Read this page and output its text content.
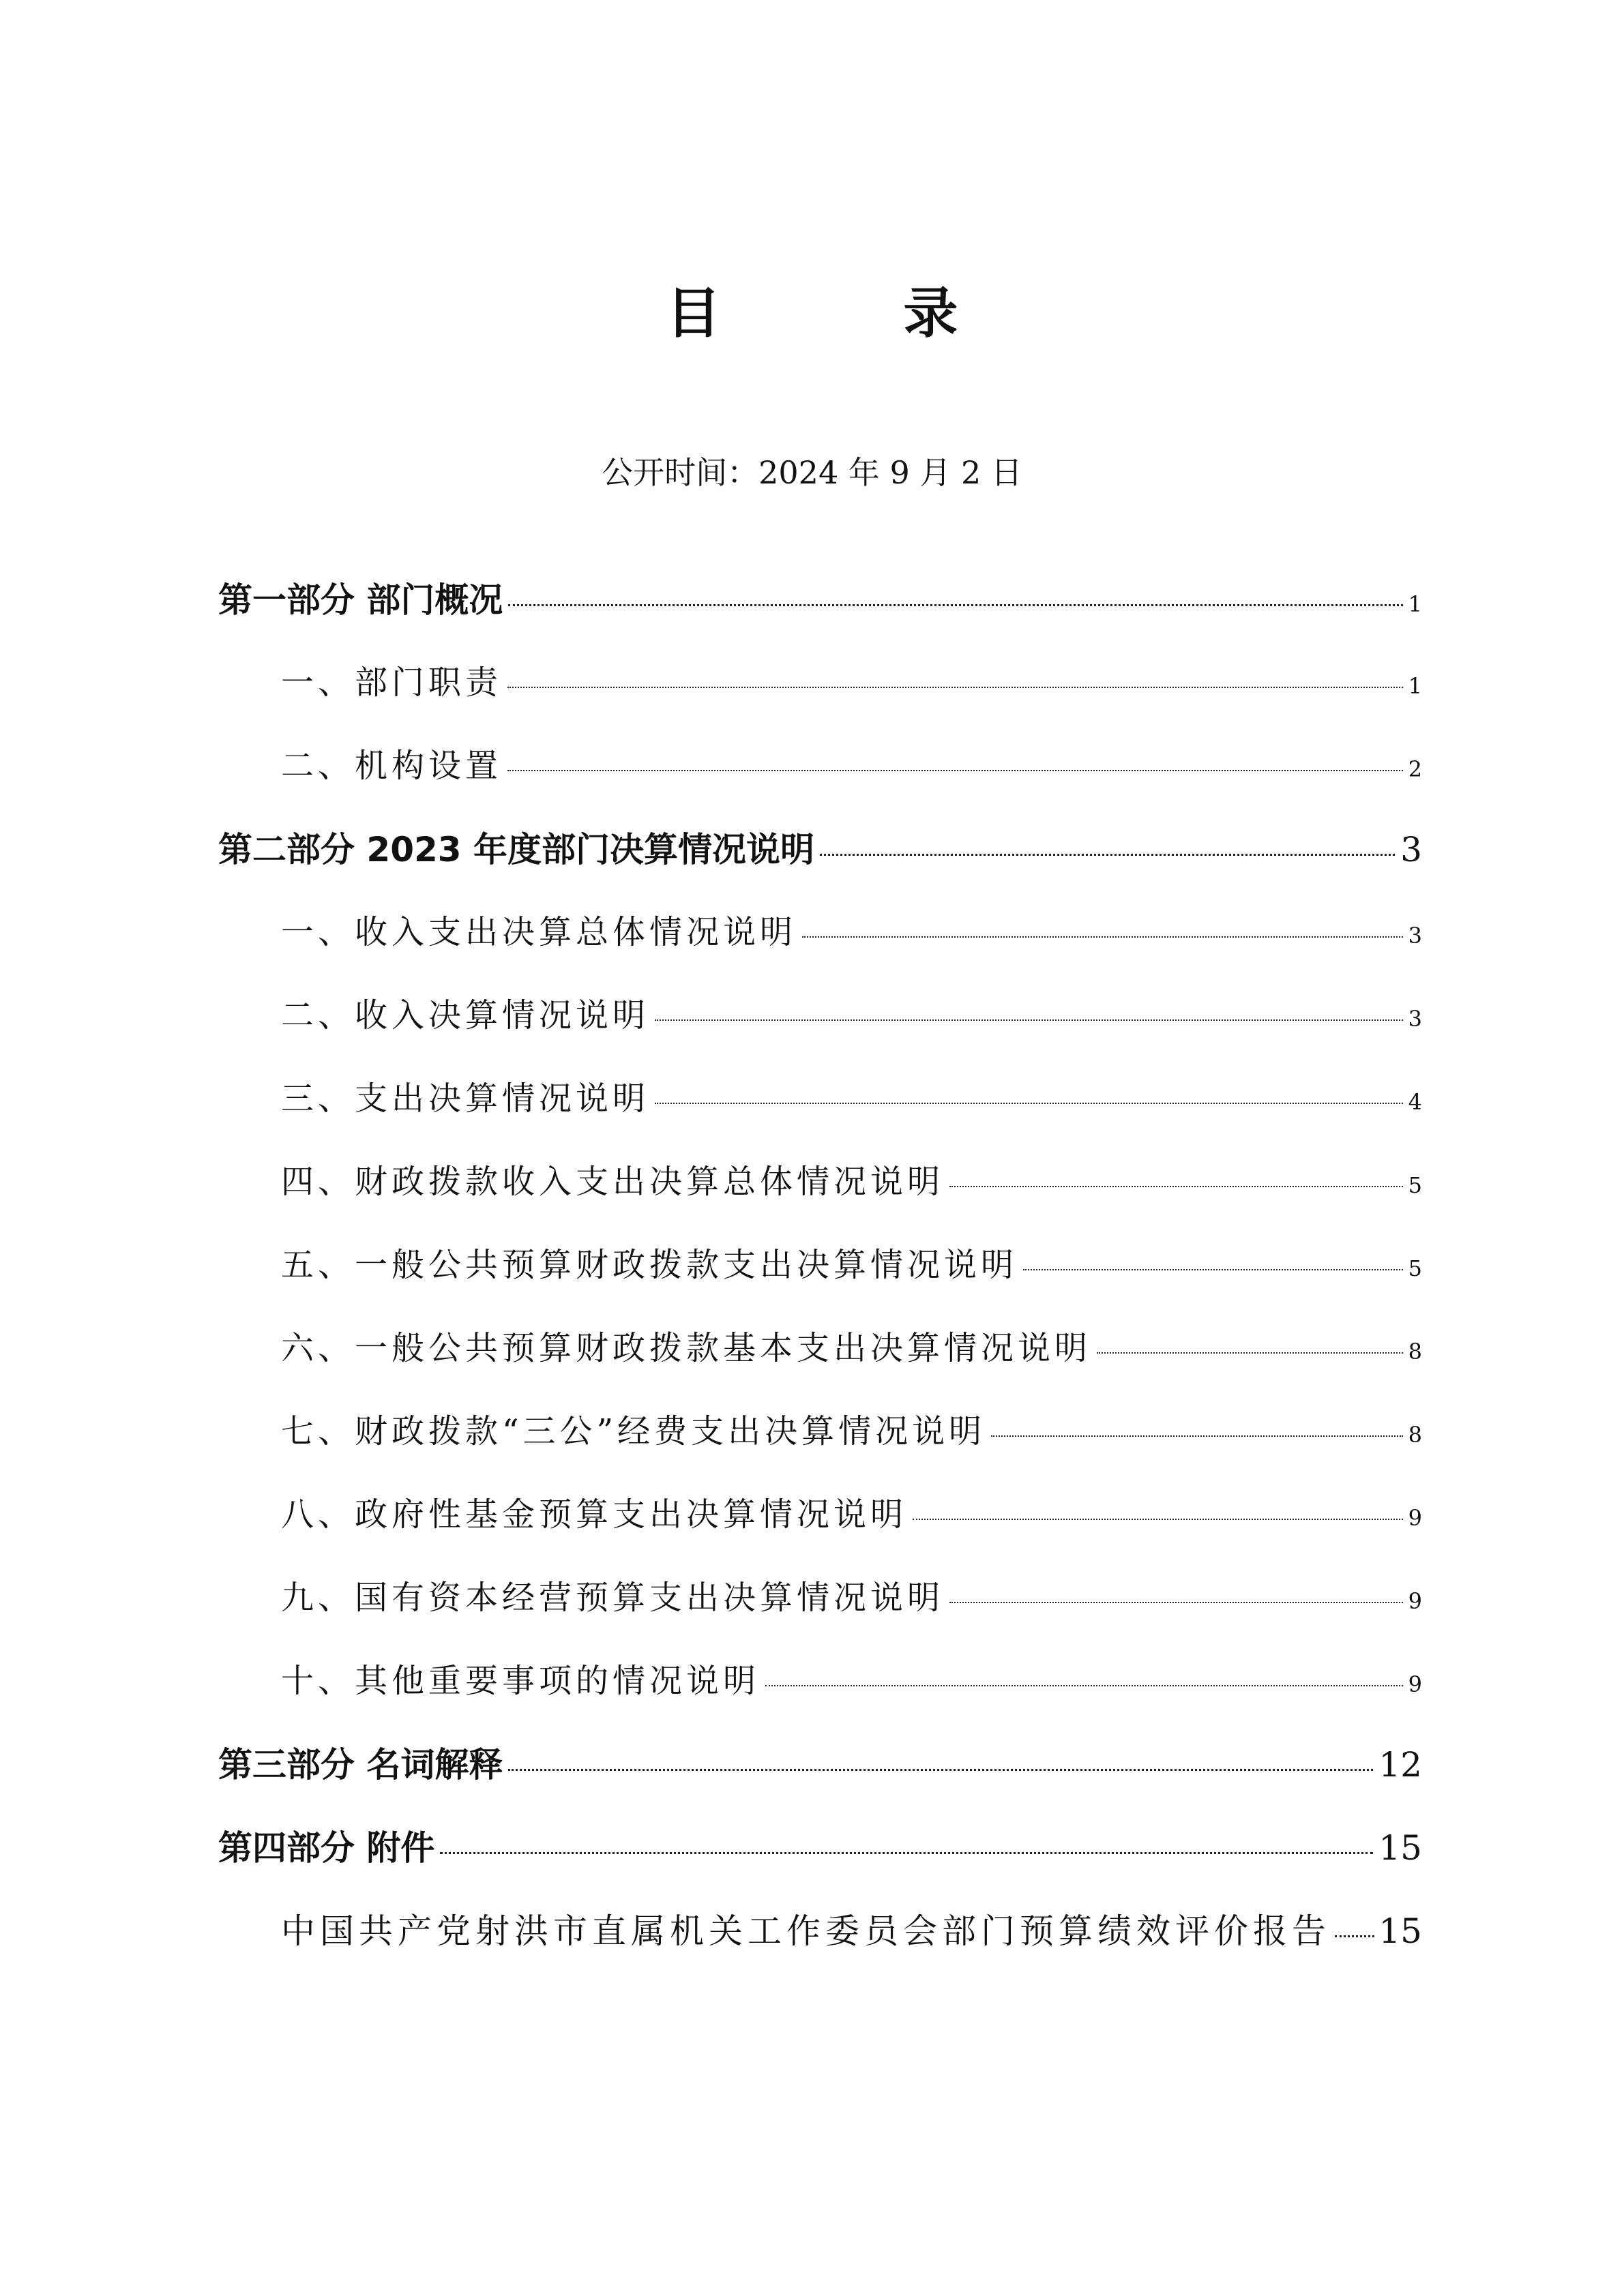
目 录
公开时间：2024 年 9 月 2 日
第一部分 部门概况	1
一、部门职责	1
二、机构设置	2
第二部分 2023 年度部门决算情况说明	3
一、收入支出决算总体情况说明	3
二、收入决算情况说明	3
三、支出决算情况说明	4
四、财政拨款收入支出决算总体情况说明	5
五、一般公共预算财政拨款支出决算情况说明	5
六、一般公共预算财政拨款基本支出决算情况说明	8
七、财政拨款“三公”经费支出决算情况说明	8
八、政府性基金预算支出决算情况说明	9
九、国有资本经营预算支出决算情况说明	9
十、其他重要事项的情况说明	9
第三部分 名词解释	12
第四部分 附件	15
中国共产党射洪市直属机关工作委员会部门预算绩效评价报告 15
